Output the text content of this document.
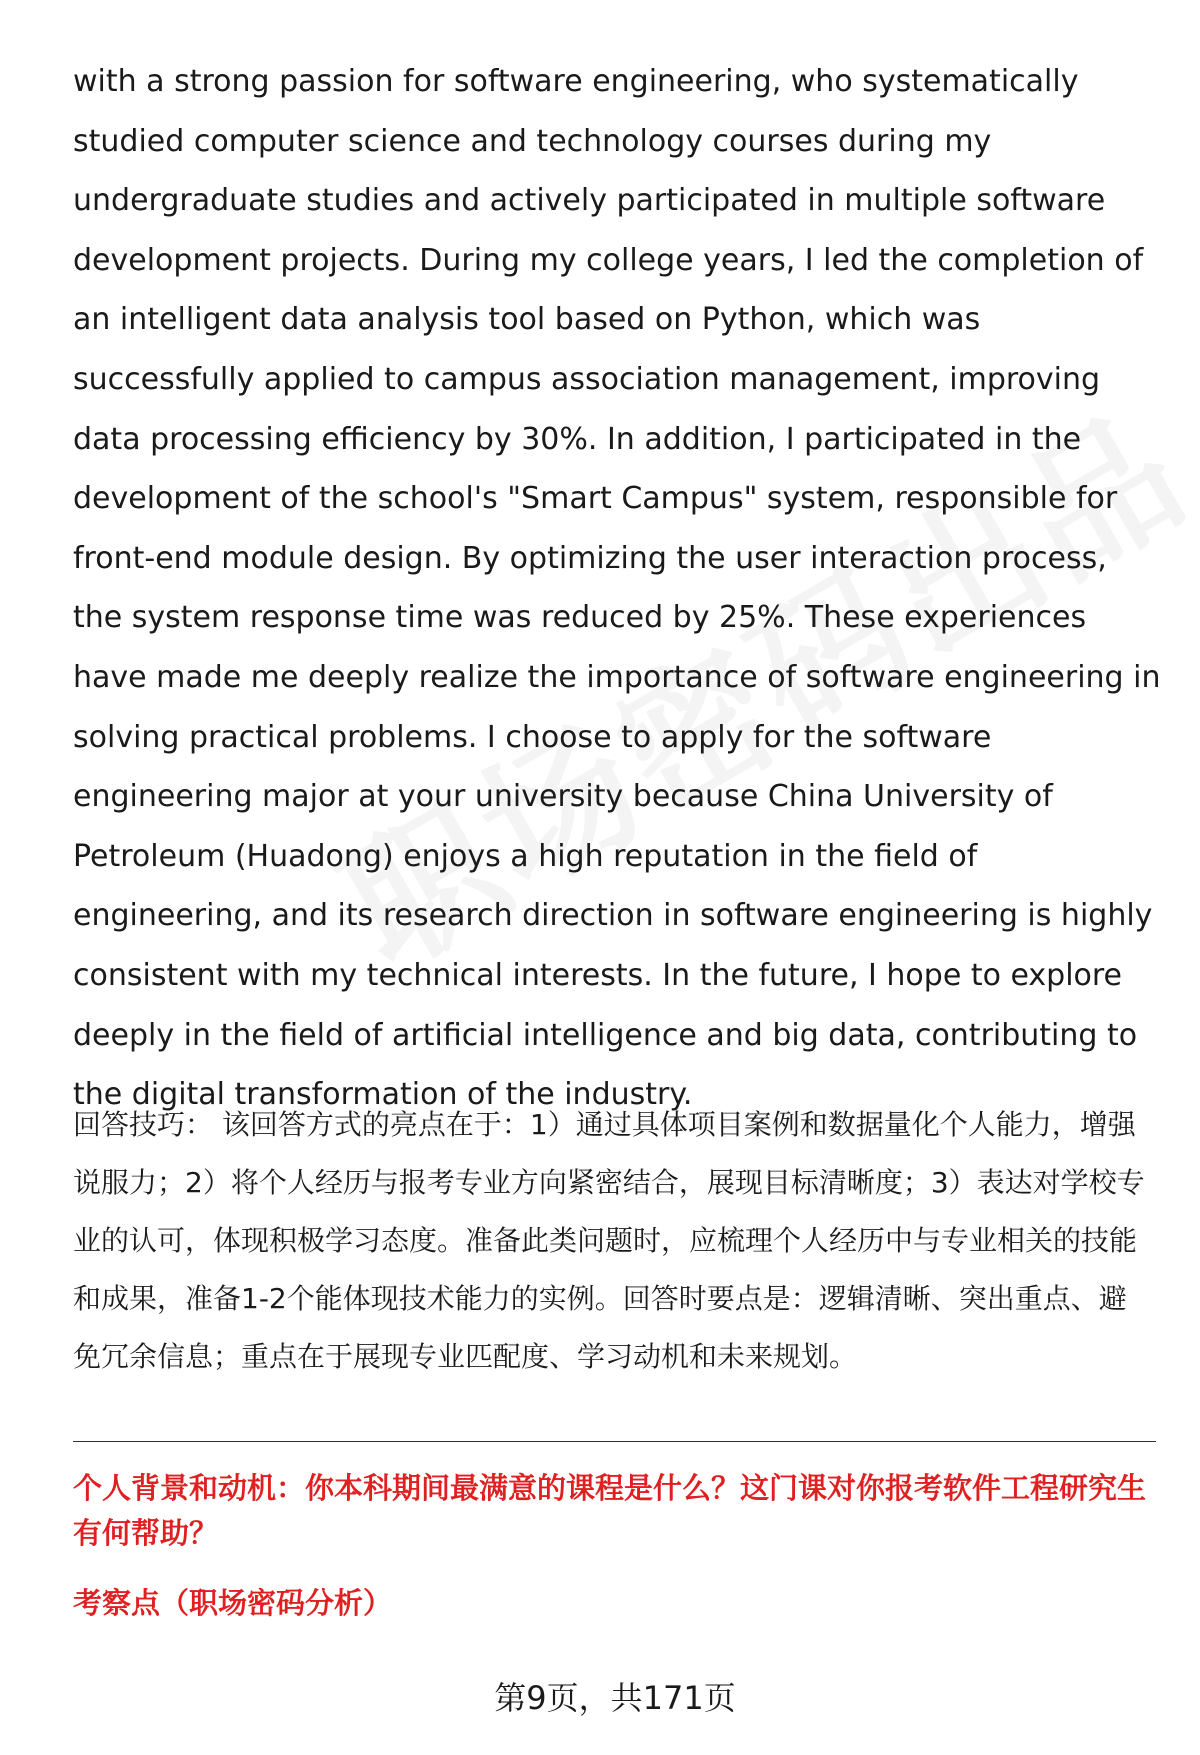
with a strong passion for software engineering, who systematically studied computer science and technology courses during my undergraduate studies and actively participated in multiple software development projects. During my college years, I led the completion of an intelligent data analysis tool based on Python, which was successfully applied to campus association management, improving data processing efficiency by 30%. In addition, I participated in the development of the school's "Smart Campus" system, responsible for front-end module design. By optimizing the user interaction process, the system response time was reduced by 25%. These experiences have made me deeply realize the importance of software engineering in solving practical problems. I choose to apply for the software engineering major at your university because China University of Petroleum (Huadong) enjoys a high reputation in the field of engineering, and its research direction in software engineering is highly consistent with my technical interests. In the future, I hope to explore deeply in the field of artificial intelligence and big data, contributing to the digital transformation of the industry.

回答技巧： 该回答方式的亮点在于：1）通过具体项目案例和数据量化个人能力，增强说服力；2）将个人经历与报考专业方向紧密结合，展现目标清晰度；3）表达对学校专业的认可，体现积极学习态度。准备此类问题时，应梳理个人经历中与专业相关的技能和成果，准备1-2个能体现技术能力的实例。回答时要点是：逻辑清晰、突出重点、避免冗余信息；重点在于展现专业匹配度、学习动机和未来规划。

个人背景和动机：你本科期间最满意的课程是什么？这门课对你报考软件工程研究生有何帮助？

考察点（职场密码分析）

第9页，共171页
